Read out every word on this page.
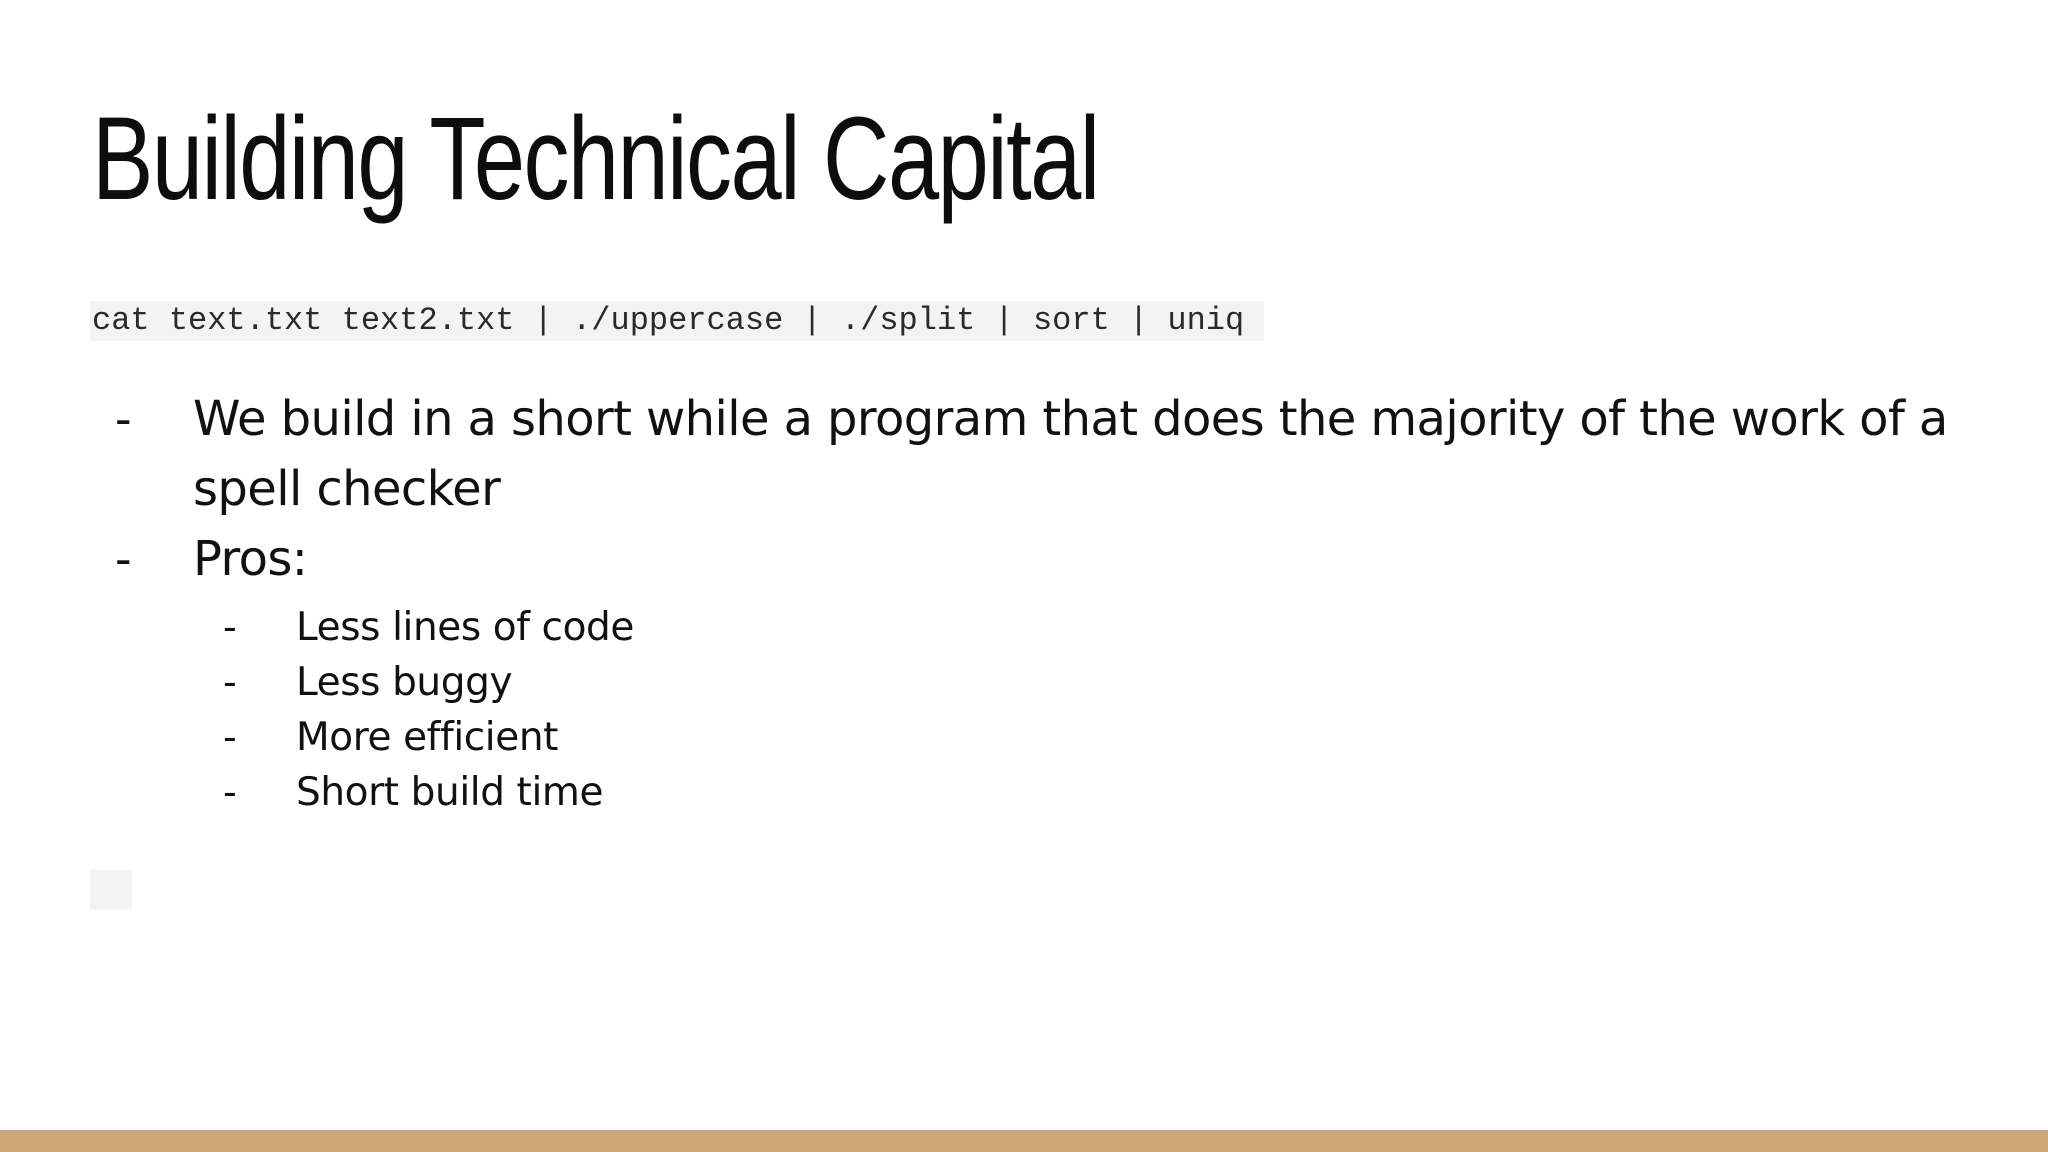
Building Technical Capital
cat text.txt text2.txt | ./uppercase | ./split | sort | uniq
- We build in a short while a program that does the majority of the work of a spell checker
- Pros:
- Less lines of code
- Less buggy
- More efficient
- Short build time
